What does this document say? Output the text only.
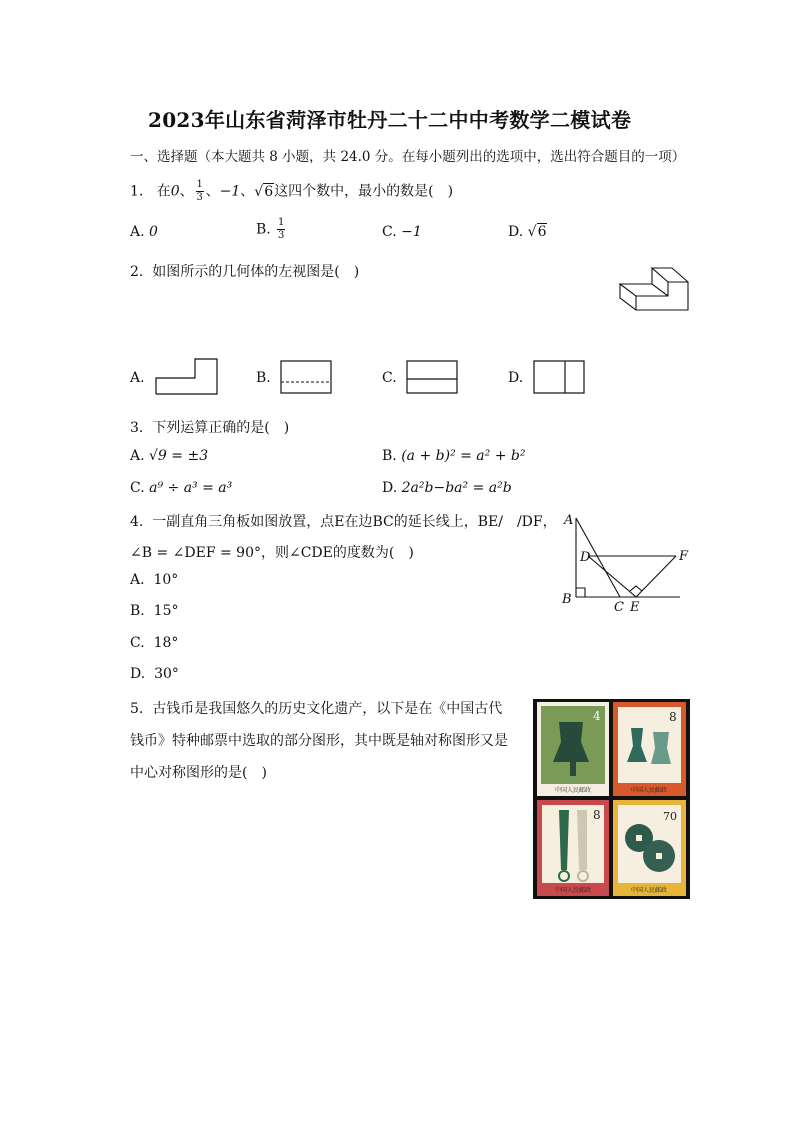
2023年山东省菏泽市牡丹二十二中中考数学二模试卷
一、选择题（本大题共 8 小题，共 24.0 分。在每小题列出的选项中，选出符合题目的一项）
1. 在0、 $\frac{1}{3}$ 、−1、√6这四个数中，最小的数是(　)
A. 0	B. $\frac{1}{3}$	C. −1	D. √6
2. 如图所示的几何体的左视图是(　)
A.	B.	C.	D.
3. 下列运算正确的是(　)
A. √9 = ±3	B. (a + b)² = a² + b²
C. a⁹ ÷ a³ = a³	D. 2a²b−ba² = a²b
4. 一副直角三角板如图放置，点E在边BC的延长线上，BE/　/DF，
∠B = ∠DEF = 90°，则∠CDE的度数为(　)
A. 10°
B. 15°
C. 18°
D. 30°
A
D	F
B
C E
5. 古钱币是我国悠久的历史文化遗产，以下是在《中国古代
钱币》特种邮票中选取的部分图形，其中既是轴对称图形又是
中心对称图形的是(　)
4
中国人民邮政
8
中国人民邮政
8
中国人民邮政
70
中国人民邮政
